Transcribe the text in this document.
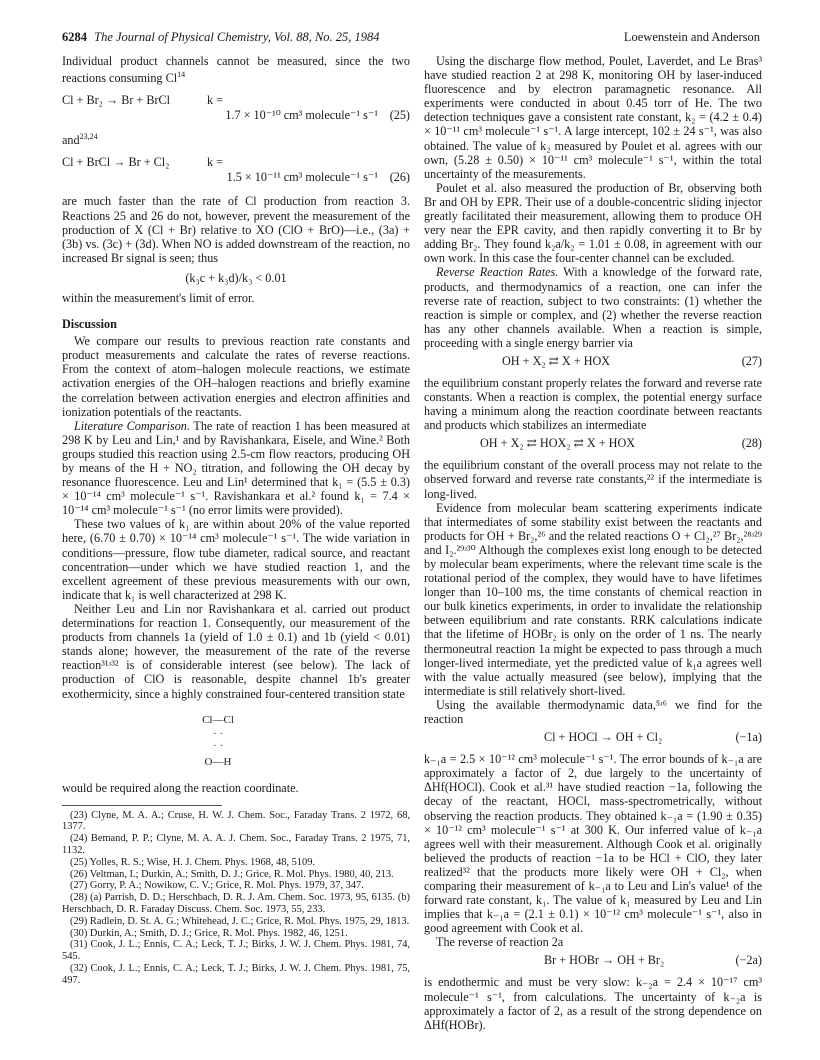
6284 The Journal of Physical Chemistry, Vol. 88, No. 25, 1984	Loewenstein and Anderson

Individual product channels cannot be measured, since the two reactions consuming Cl$^{14}$

Cl + Br₂ → Br + BrCl	k =
1.7 × 10⁻¹⁰ cm³ molecule⁻¹ s⁻¹ (25)

and$^{23,24}$

Cl + BrCl → Br + Cl₂	k =
1.5 × 10⁻¹¹ cm³ molecule⁻¹ s⁻¹ (26)

are much faster than the rate of Cl production from reaction 3. Reactions 25 and 26 do not, however, prevent the measurement of the production of X (Cl + Br) relative to XO (ClO + BrO)—i.e., (3a) + (3b) vs. (3c) + (3d). When NO is added downstream of the reaction, no increased Br signal is seen; thus

(k₃c + k₃d)/k₃ < 0.01

within the measurement's limit of error.

Discussion

We compare our results to previous reaction rate constants and product measurements and calculate the rates of reverse reactions. From the context of atom–halogen molecule reactions, we estimate activation energies of the OH–halogen reactions and briefly examine the correlation between activation energies and electron affinities and ionization potentials of the reactants.

Literature Comparison. The rate of reaction 1 has been measured at 298 K by Leu and Lin,¹ and by Ravishankara, Eisele, and Wine.² Both groups studied this reaction using 2.5-cm flow reactors, producing OH by means of the H + NO₂ titration, and following the OH decay by resonance fluorescence. Leu and Lin¹ determined that k₁ = (5.5 ± 0.3) × 10⁻¹⁴ cm³ molecule⁻¹ s⁻¹. Ravishankara et al.² found k₁ = 7.4 × 10⁻¹⁴ cm³ molecule⁻¹ s⁻¹ (no error limits were provided).

These two values of k₁ are within about 20% of the value reported here, (6.70 ± 0.70) × 10⁻¹⁴ cm³ molecule⁻¹ s⁻¹. The wide variation in conditions—pressure, flow tube diameter, radical source, and reactant concentration—under which we have studied reaction 1, and the excellent agreement of these previous measurements with our own, indicate that k₁ is well characterized at 298 K.

Neither Leu and Lin nor Ravishankara et al. carried out product determinations for reaction 1. Consequently, our measurement of the products from channels 1a (yield of 1.0 ± 0.1) and 1b (yield < 0.01) stands alone; however, the measurement of the rate of the reverse reaction³¹ʴ³² is of considerable interest (see below). The lack of production of ClO is reasonable, despite channel 1b's greater exothermicity, since a highly constrained four-centered transition state

Cl—Cl
· ·
· ·
O—H

would be required along the reaction coordinate.

(23) Clyne, M. A. A.; Cruse, H. W. J. Chem. Soc., Faraday Trans. 2 1972, 68, 1377.

(24) Bemand, P. P.; Clyne, M. A. A. J. Chem. Soc., Faraday Trans. 2 1975, 71, 1132.

(25) Yolles, R. S.; Wise, H. J. Chem. Phys. 1968, 48, 5109.

(26) Veltman, I.; Durkin, A.; Smith, D. J.; Grice, R. Mol. Phys. 1980, 40, 213.

(27) Gorry, P. A.; Nowikow, C. V.; Grice, R. Mol. Phys. 1979, 37, 347.

(28) (a) Parrish, D. D.; Herschbach, D. R. J. Am. Chem. Soc. 1973, 95, 6135. (b) Herschbach, D. R. Faraday Discuss. Chem. Soc. 1973, 55, 233.

(29) Radlein, D. St. A. G.; Whitehead, J. C.; Grice, R. Mol. Phys. 1975, 29, 1813.

(30) Durkin, A.; Smith, D. J.; Grice, R. Mol. Phys. 1982, 46, 1251.

(31) Cook, J. L.; Ennis, C. A.; Leck, T. J.; Birks, J. W. J. Chem. Phys. 1981, 74, 545.

(32) Cook, J. L.; Ennis, C. A.; Leck, T. J.; Birks, J. W. J. Chem. Phys. 1981, 75, 497.

Using the discharge flow method, Poulet, Laverdet, and Le Bras³ have studied reaction 2 at 298 K, monitoring OH by laser-induced fluorescence and by electron paramagnetic resonance. All experiments were conducted in about 0.45 torr of He. The two detection techniques gave a consistent rate constant, k₂ = (4.2 ± 0.4) × 10⁻¹¹ cm³ molecule⁻¹ s⁻¹. A large intercept, 102 ± 24 s⁻¹, was also obtained. The value of k₂ measured by Poulet et al. agrees with our own, (5.28 ± 0.50) × 10⁻¹¹ cm³ molecule⁻¹ s⁻¹, within the total uncertainty of the measurements.

Poulet et al. also measured the production of Br, observing both Br and OH by EPR. Their use of a double-concentric sliding injector greatly facilitated their measurement, allowing them to produce OH very near the EPR cavity, and then rapidly converting it to Br by adding Br₂. They found k₂a/k₂ = 1.01 ± 0.08, in agreement with our own work. In this case the four-center channel can be excluded.

Reverse Reaction Rates. With a knowledge of the forward rate, products, and thermodynamics of a reaction, one can infer the reverse rate of reaction, subject to two constraints: (1) whether the reaction is simple or complex, and (2) whether the reverse reaction has any other channels available. When a reaction is simple, proceeding with a single energy barrier via

OH + X₂ ⇄ X + HOX	(27)

the equilibrium constant properly relates the forward and reverse rate constants. When a reaction is complex, the potential energy surface having a minimum along the reaction coordinate between reactants and products which stabilizes an intermediate

OH + X₂ ⇄ HOX₂ ⇄ X + HOX	(28)

the equilibrium constant of the overall process may not relate to the observed forward and reverse rate constants,²² if the intermediate is long-lived.

Evidence from molecular beam scattering experiments indicate that intermediates of some stability exist between the reactants and products for OH + Br₂,²⁶ and the related reactions O + Cl₂,²⁷ Br₂,²⁸ʴ²⁹ and I₂.²⁹ʴ³⁰ Although the complexes exist long enough to be detected by molecular beam experiments, where the relevant time scale is the rotational period of the complex, they would have to have lifetimes longer than 10–100 ms, the time constants of chemical reaction in our bulk kinetics experiments, in order to invalidate the relationship between equilibrium and rate constants. RRK calculations indicate that the lifetime of HOBr₂ is only on the order of 1 ns. The nearly thermoneutral reaction 1a might be expected to pass through a much longer-lived intermediate, yet the predicted value of k₁a agrees well with the value actually measured (see below), implying that the intermediate is still relatively short-lived.

Using the available thermodynamic data,⁵ʴ⁶ we find for the reaction

Cl + HOCl → OH + Cl₂	(−1a)

k₋₁a = 2.5 × 10⁻¹² cm³ molecule⁻¹ s⁻¹. The error bounds of k₋₁a are approximately a factor of 2, due largely to the uncertainty of ΔHf(HOCl). Cook et al.³¹ have studied reaction −1a, following the decay of the reactant, HOCl, mass-spectrometrically, without observing the reaction products. They obtained k₋₁a = (1.90 ± 0.35) × 10⁻¹² cm³ molecule⁻¹ s⁻¹ at 300 K. Our inferred value of k₋₁a agrees well with their measurement. Although Cook et al. originally believed the products of reaction −1a to be HCl + ClO, they later realized³² that the products more likely were OH + Cl₂, when comparing their measurement of k₋₁a to Leu and Lin's value¹ of the forward rate constant, k₁. The value of k₁ measured by Leu and Lin implies that k₋₁a = (2.1 ± 0.1) × 10⁻¹² cm³ molecule⁻¹ s⁻¹, also in good agreement with Cook et al.

The reverse of reaction 2a

Br + HOBr → OH + Br₂	(−2a)

is endothermic and must be very slow: k₋₂a = 2.4 × 10⁻¹⁷ cm³ molecule⁻¹ s⁻¹, from calculations. The uncertainty of k₋₂a is approximately a factor of 2, as a result of the strong dependence on ΔHf(HOBr).
